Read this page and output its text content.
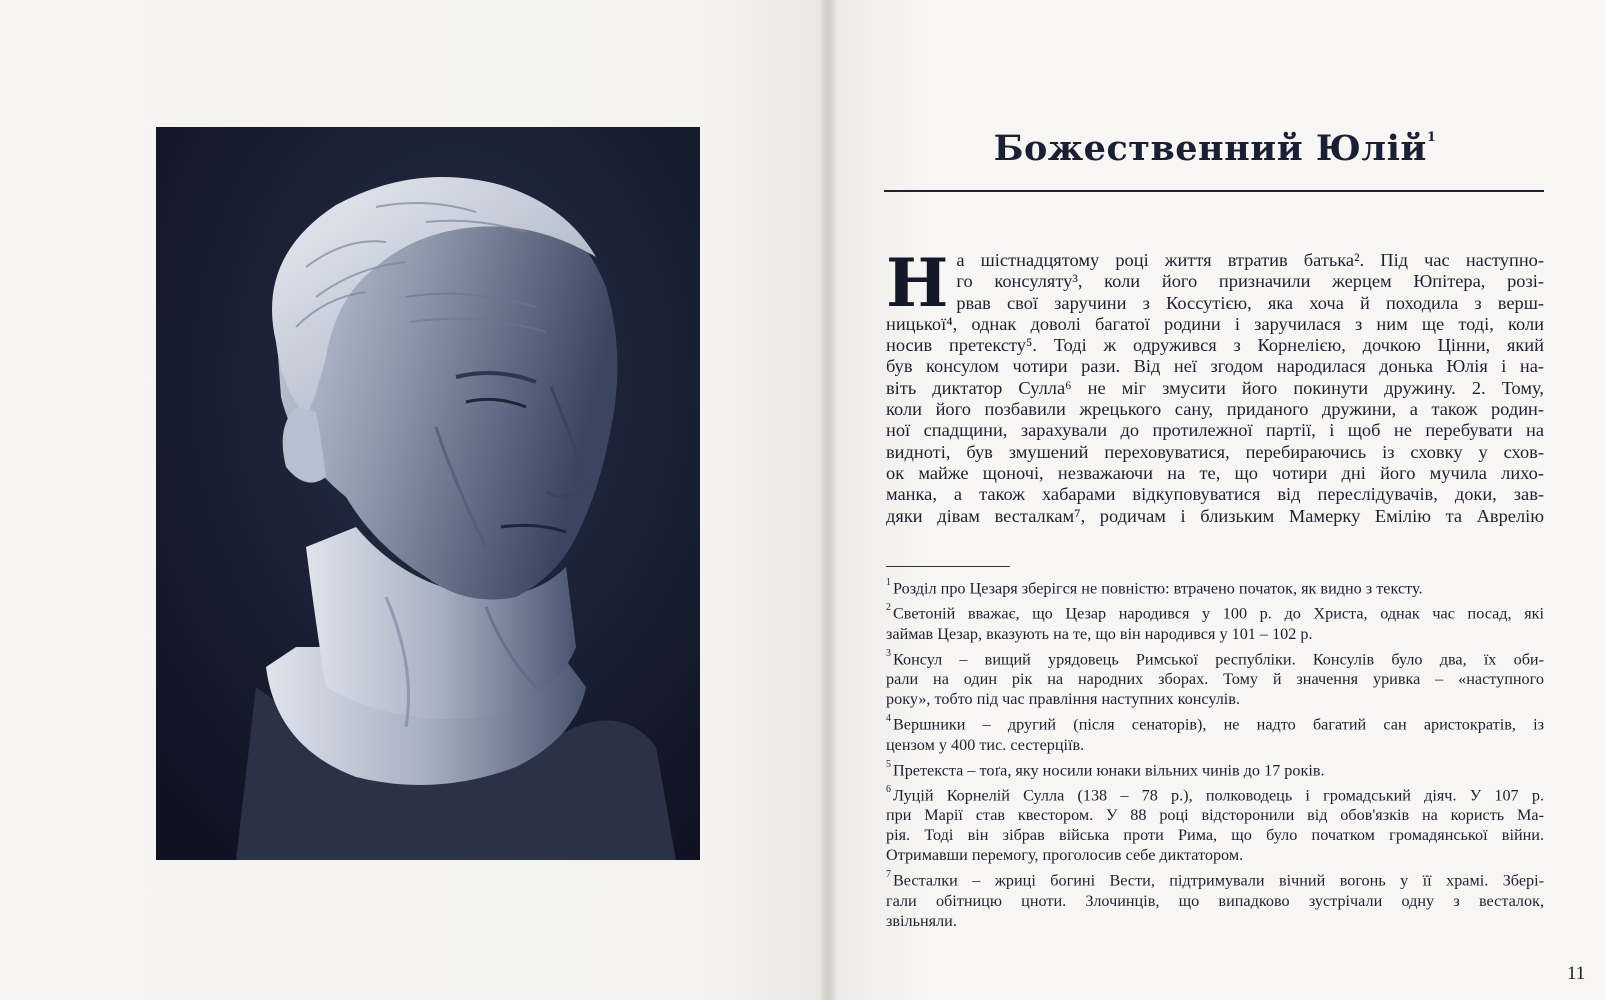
Божественний Юлій$^1$
Н а шістнадцятому році життя втратив батька². Під час наступно-
го консуляту³, коли його призначили жерцем Юпітера, розі-
рвав свої заручини з Коссутією, яка хоча й походила з верш-
ницької⁴, однак доволі багатої родини і заручилася з ним ще тоді, коли
носив претексту⁵. Тоді ж одружився з Корнелією, дочкою Цінни, який
був консулом чотири рази. Від неї згодом народилася донька Юлія і на-
віть диктатор Сулла⁶ не міг змусити його покинути дружину. 2. Тому,
коли його позбавили жрецького сану, приданого дружини, а також родин-
ної спадщини, зарахували до протилежної партії, і щоб не перебувати на
видноті, був змушений переховуватися, перебираючись із сховку у схов-
ок майже щоночі, незважаючи на те, що чотири дні його мучила лихо-
манка, а також хабарами відкуповуватися від переслідувачів, доки, зав-
дяки дівам весталкам⁷, родичам і близьким Мамерку Емілію та Аврелію
$^1$ Розділ про Цезаря зберігся не повністю: втрачено початок, як видно з тексту.
$^2$ Светоній вважає, що Цезар народився у 100 р. до Христа, однак час посад, які
займав Цезар, вказують на те, що він народився у 101 – 102 р.
$^3$ Консул – вищий урядовець Римської республіки. Консулів було два, їх оби-
рали на один рік на народних зборах. Тому й значення уривка – «наступного
року», тобто під час правління наступних консулів.
$^4$ Вершники – другий (після сенаторів), не надто багатий сан аристократів, із
цензом у 400 тис. сестерціїв.
$^5$ Претекста – тоґа, яку носили юнаки вільних чинів до 17 років.
$^6$ Луцій Корнелій Сулла (138 – 78 р.), полководець і громадський діяч. У 107 р.
при Марії став квестором. У 88 році відсторонили від обов'язків на користь Ма-
рія. Тоді він зібрав війська проти Рима, що було початком громадянської війни.
Отримавши перемогу, проголосив себе диктатором.
$^7$ Весталки – жриці богині Вести, підтримували вічний вогонь у її храмі. Збері-
гали обітницю цноти. Злочинців, що випадково зустрічали одну з весталок,
звільняли.
11
